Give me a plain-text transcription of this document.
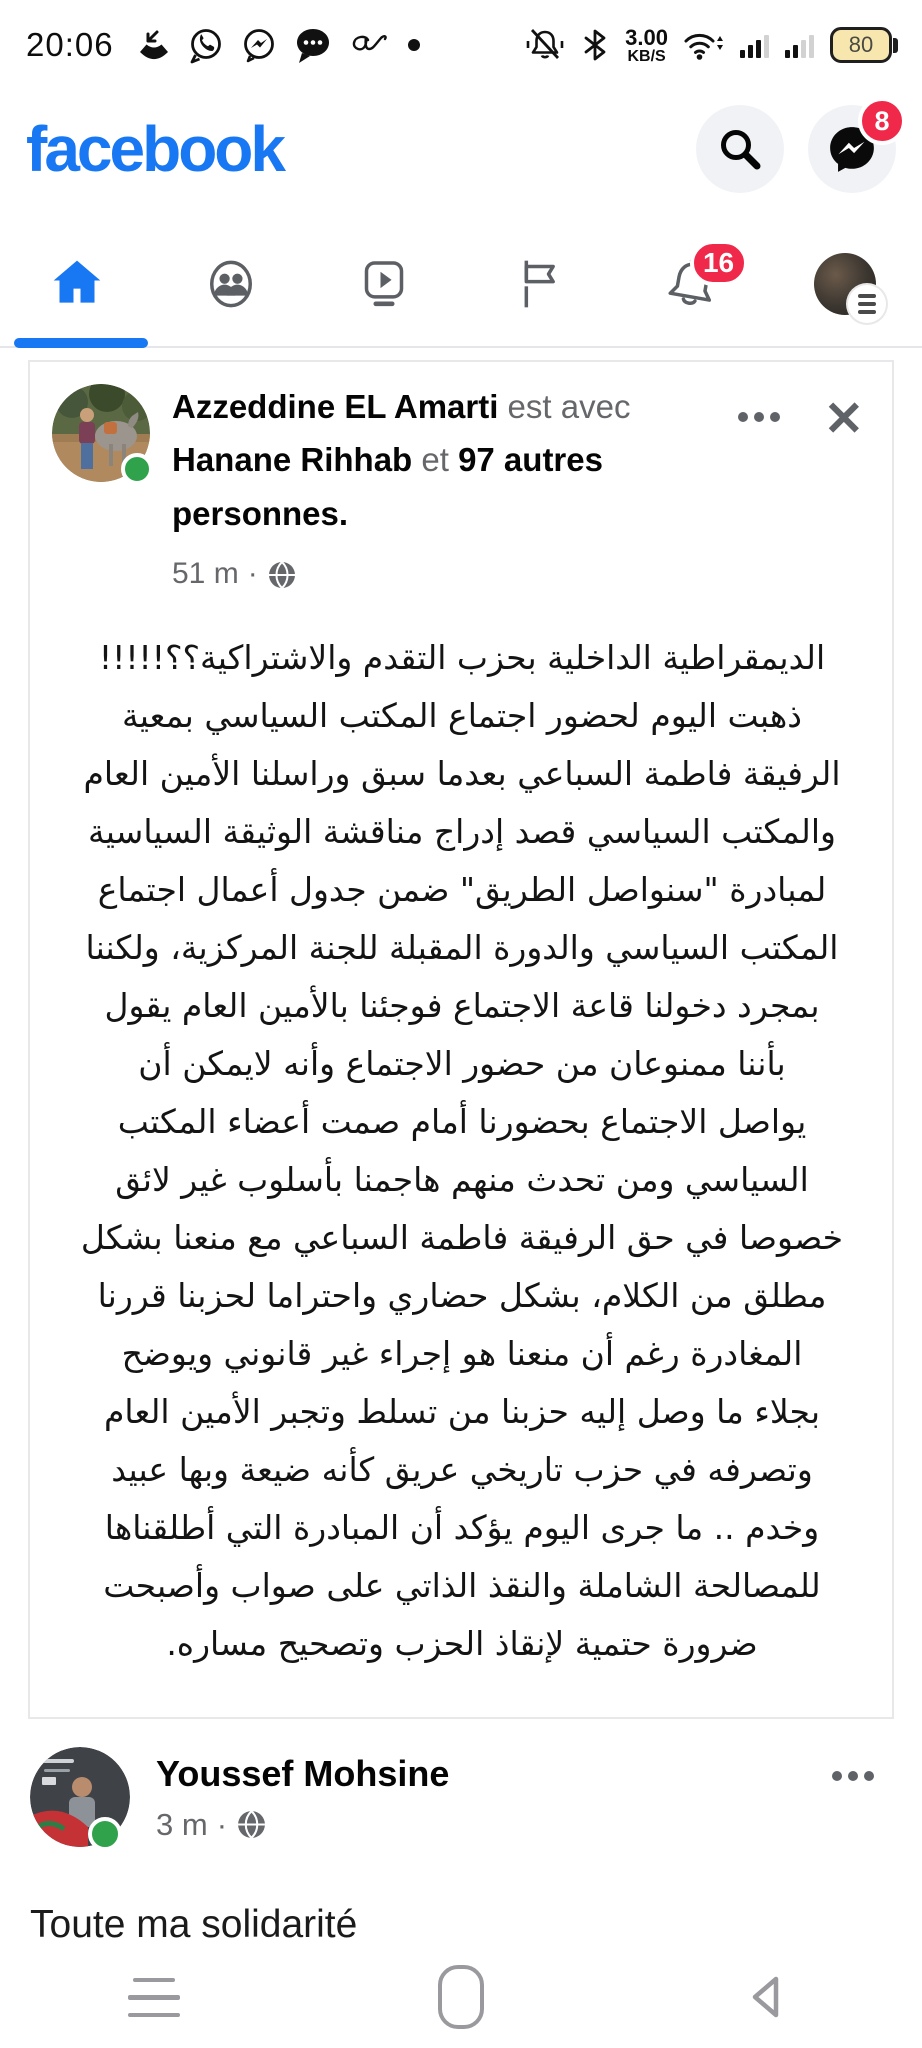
20:06	3.00
KB/S	80
facebook	8
16
Azzeddine EL Amarti est avec Hanane Rihhab et 97 autres personnes.
51 m ·
✕
الديمقراطية الداخلية بحزب التقدم والاشتراكية؟؟!!!!!
ذهبت اليوم لحضور اجتماع المكتب السياسي بمعية
الرفيقة فاطمة السباعي بعدما سبق وراسلنا الأمين العام
والمكتب السياسي قصد إدراج مناقشة الوثيقة السياسية
لمبادرة "سنواصل الطريق" ضمن جدول أعمال اجتماع
المكتب السياسي والدورة المقبلة للجنة المركزية، ولكننا
بمجرد دخولنا قاعة الاجتماع فوجئنا بالأمين العام يقول
بأننا ممنوعان من حضور الاجتماع وأنه لايمكن أن
يواصل الاجتماع بحضورنا أمام صمت أعضاء المكتب
السياسي ومن تحدث منهم هاجمنا بأسلوب غير لائق
خصوصا في حق الرفيقة فاطمة السباعي مع منعنا بشكل
مطلق من الكلام، بشكل حضاري واحتراما لحزبنا قررنا
المغادرة رغم أن منعنا هو إجراء غير قانوني ويوضح
بجلاء ما وصل إليه حزبنا من تسلط وتجبر الأمين العام
وتصرفه في حزب تاريخي عريق كأنه ضيعة وبها عبيد
وخدم .. ما جرى اليوم يؤكد أن المبادرة التي أطلقناها
للمصالحة الشاملة والنقذ الذاتي على صواب وأصبحت
ضرورة حتمية لإنقاذ الحزب وتصحيح مساره.
Youssef Mohsine
3 m ·
Toute ma solidarité
